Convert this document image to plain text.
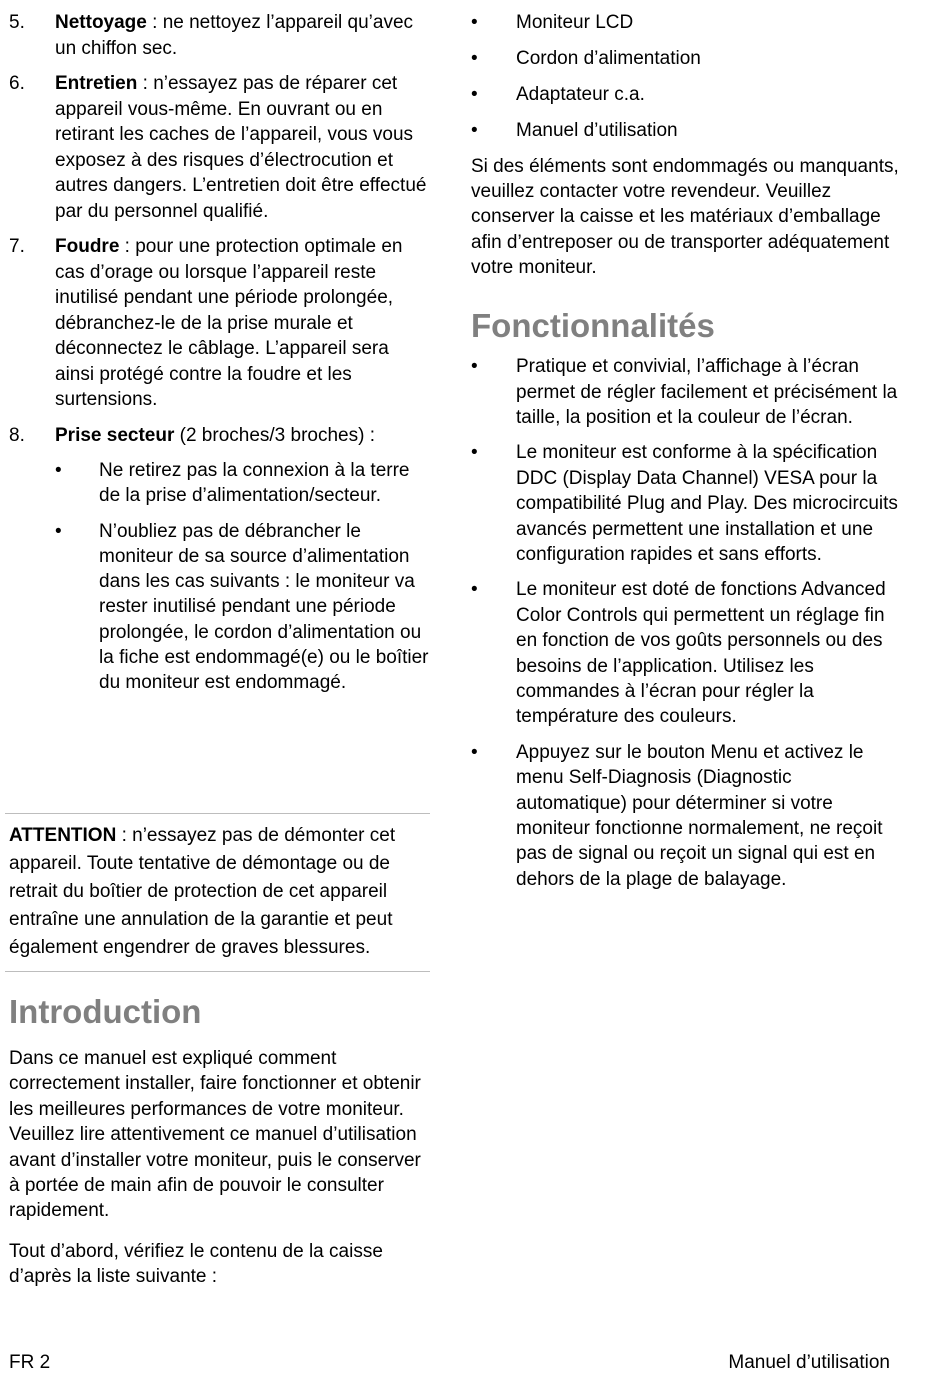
5. Nettoyage : ne nettoyez l’appareil qu’avec un chiffon sec.
6. Entretien : n’essayez pas de réparer cet appareil vous-même. En ouvrant ou en retirant les caches de l’appareil, vous vous exposez à des risques d’électrocution et autres dangers. L’entretien doit être effectué par du personnel qualifié.
7. Foudre : pour une protection optimale en cas d’orage ou lorsque l’appareil reste inutilisé pendant une période prolongée, débranchez-le de la prise murale et déconnectez le câblage. L’appareil sera ainsi protégé contre la foudre et les surtensions.
8. Prise secteur (2 broches/3 broches) :
• Ne retirez pas la connexion à la terre de la prise d’alimentation/secteur.
• N’oubliez pas de débrancher le moniteur de sa source d’alimentation dans les cas suivants : le moniteur va rester inutilisé pendant une période prolongée, le cordon d’alimentation ou la fiche est endommagé(e) ou le boîtier du moniteur est endommagé.
ATTENTION : n’essayez pas de démonter cet appareil. Toute tentative de démontage ou de retrait du boîtier de protection de cet appareil entraîne une annulation de la garantie et peut également engendrer de graves blessures.
Introduction

Dans ce manuel est expliqué comment correctement installer, faire fonctionner et obtenir les meilleures performances de votre moniteur. Veuillez lire attentivement ce manuel d’utilisation avant d’installer votre moniteur, puis le conserver à portée de main afin de pouvoir le consulter rapidement.

Tout d’abord, vérifiez le contenu de la caisse d’après la liste suivante :

• Moniteur LCD
• Cordon d’alimentation
• Adaptateur c.a.
• Manuel d’utilisation

Si des éléments sont endommagés ou manquants, veuillez contacter votre revendeur. Veuillez conserver la caisse et les matériaux d’emballage afin d’entreposer ou de transporter adéquatement votre moniteur.

Fonctionnalités
• Pratique et convivial, l’affichage à l’écran permet de régler facilement et précisément la taille, la position et la couleur de l’écran.
• Le moniteur est conforme à la spécification DDC (Display Data Channel) VESA pour la compatibilité Plug and Play. Des microcircuits avancés permettent une installation et une configuration rapides et sans efforts.
• Le moniteur est doté de fonctions Advanced Color Controls qui permettent un réglage fin en fonction de vos goûts personnels ou des besoins de l’application. Utilisez les commandes à l’écran pour régler la température des couleurs.
• Appuyez sur le bouton Menu et activez le menu Self-Diagnosis (Diagnostic automatique) pour déterminer si votre moniteur fonctionne normalement, ne reçoit pas de signal ou reçoit un signal qui est en dehors de la plage de balayage.
FR 2	Manuel d’utilisation
